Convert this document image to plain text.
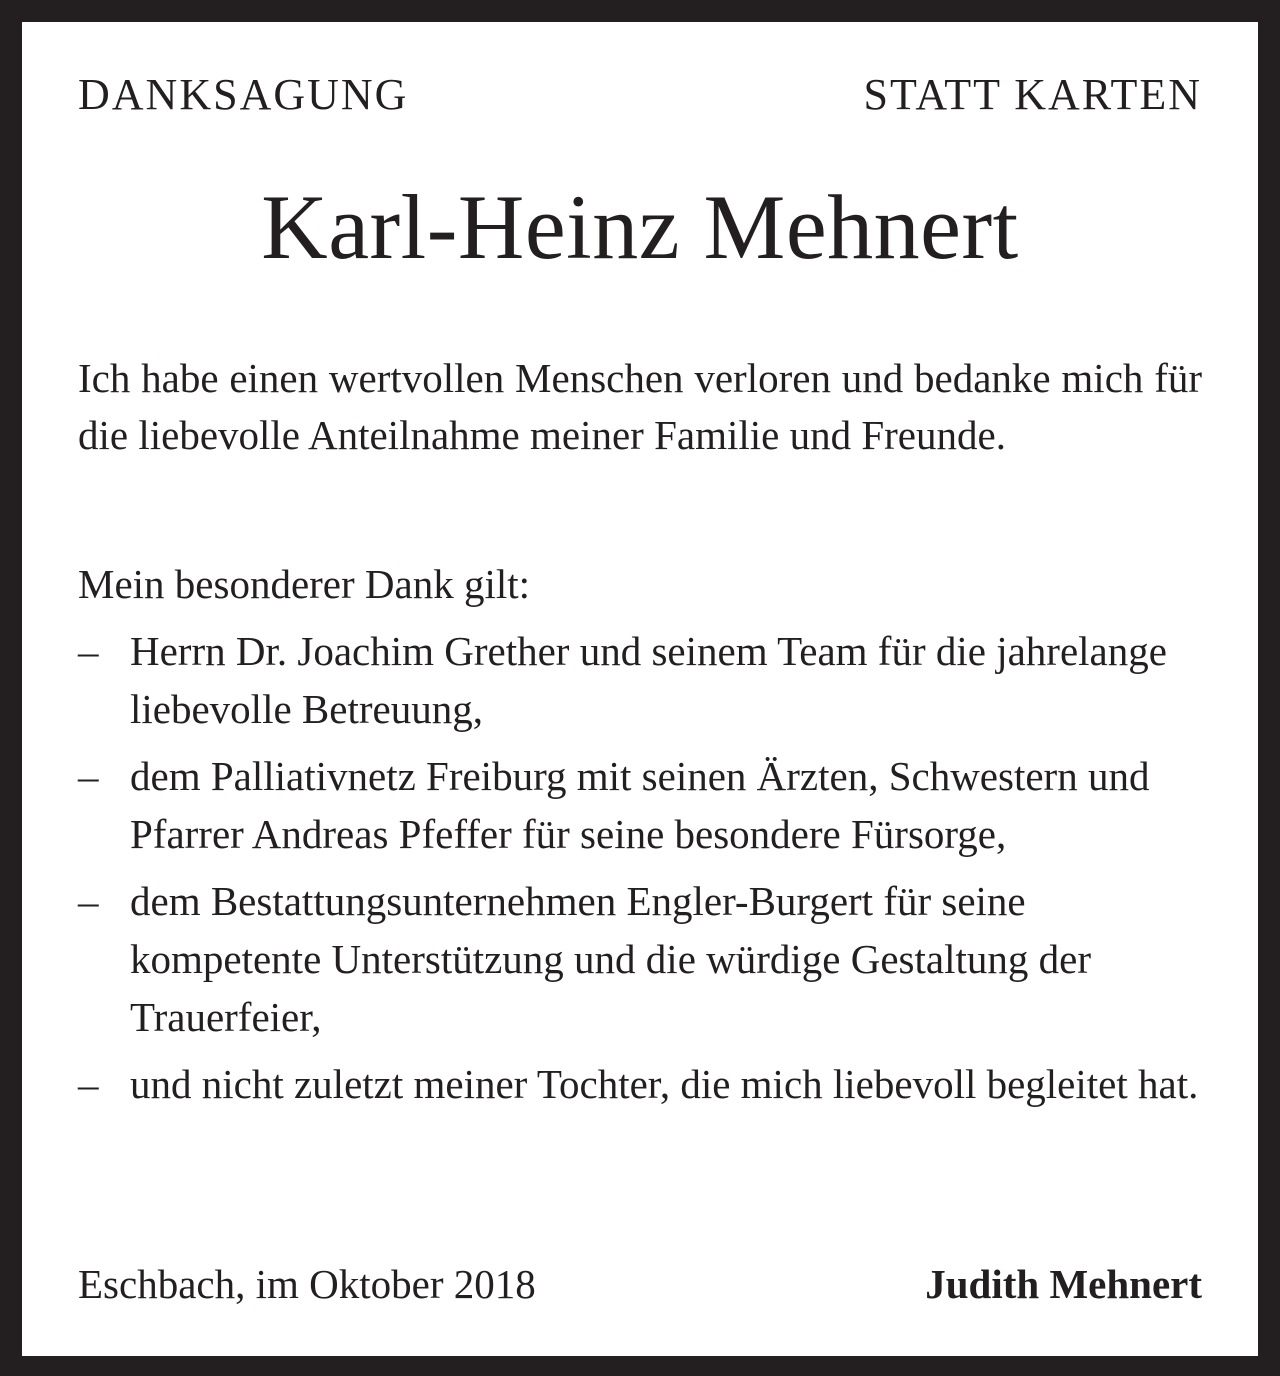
DANKSAGUNG	STATT KARTEN
Karl-Heinz Mehnert

Ich habe einen wertvollen Menschen verloren und bedanke mich für die liebevolle Anteilnahme meiner Familie und Freunde.

Mein besonderer Dank gilt:

– Herrn Dr. Joachim Grether und seinem Team für die jahrelange liebevolle Betreuung,
– dem Palliativnetz Freiburg mit seinen Ärzten, Schwestern und Pfarrer Andreas Pfeffer für seine besondere Fürsorge,
– dem Bestattungsunternehmen Engler-Burgert für seine kompetente Unterstützung und die würdige Gestaltung der Trauerfeier,
– und nicht zuletzt meiner Tochter, die mich liebevoll begleitet hat.
Eschbach, im Oktober 2018	Judith Mehnert
